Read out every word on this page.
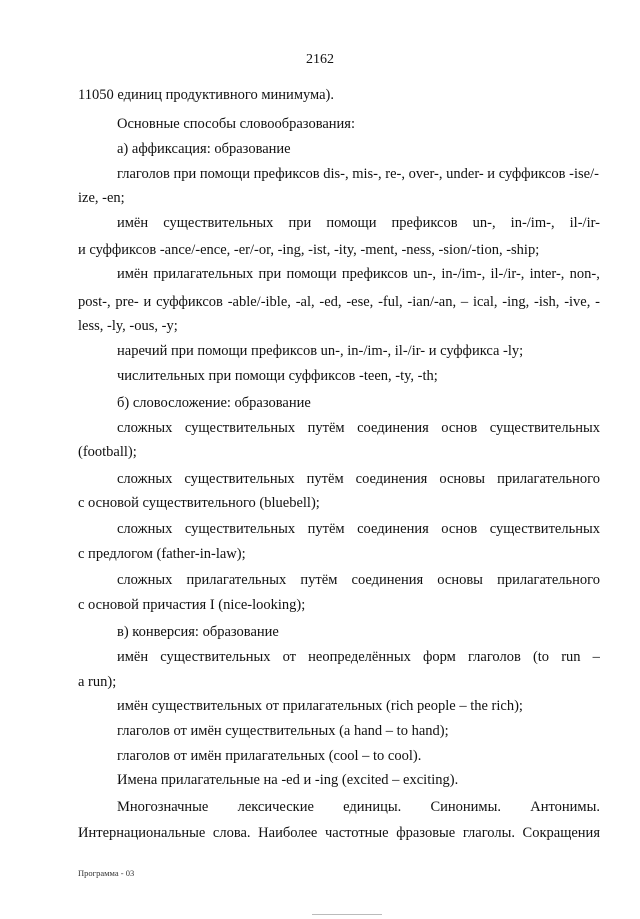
2162
11050 единиц продуктивного минимума).
Основные способы словообразования:
а) аффиксация: образование
глаголов при помощи префиксов dis-, mis-, re-, over-, under- и суффиксов -ise/-
ize, -en;
имён существительных при помощи префиксов un-, in-/im-, il-/ir-
и суффиксов -ance/-ence, -er/-or, -ing, -ist, -ity, -ment, -ness, -sion/-tion, -ship;
имён прилагательных при помощи префиксов un-, in-/im-, il-/ir-, inter-, non-,
post-, pre- и суффиксов -able/-ible, -al, -ed, -ese, -ful, -ian/-an, – ical, -ing, -ish, -ive, -
less, -ly, -ous, -y;
наречий при помощи префиксов un-, in-/im-, il-/ir- и суффикса -ly;
числительных при помощи суффиксов -teen, -ty, -th;
б) словосложение: образование
сложных существительных путём соединения основ существительных
(football);
сложных существительных путём соединения основы прилагательного
с основой существительного (bluebell);
сложных существительных путём соединения основ существительных
с предлогом (father-in-law);
сложных прилагательных путём соединения основы прилагательного
с основой причастия I (nice-looking);
в) конверсия: образование
имён существительных от неопределённых форм глаголов (to run –
a run);
имён существительных от прилагательных (rich people – the rich);
глаголов от имён существительных (a hand – to hand);
глаголов от имён прилагательных (cool – to cool).
Имена прилагательные на -ed и -ing (excited – exciting).
Многозначные лексические единицы. Синонимы. Антонимы.
Интернациональные слова. Наиболее частотные фразовые глаголы. Сокращения
Программа - 03
